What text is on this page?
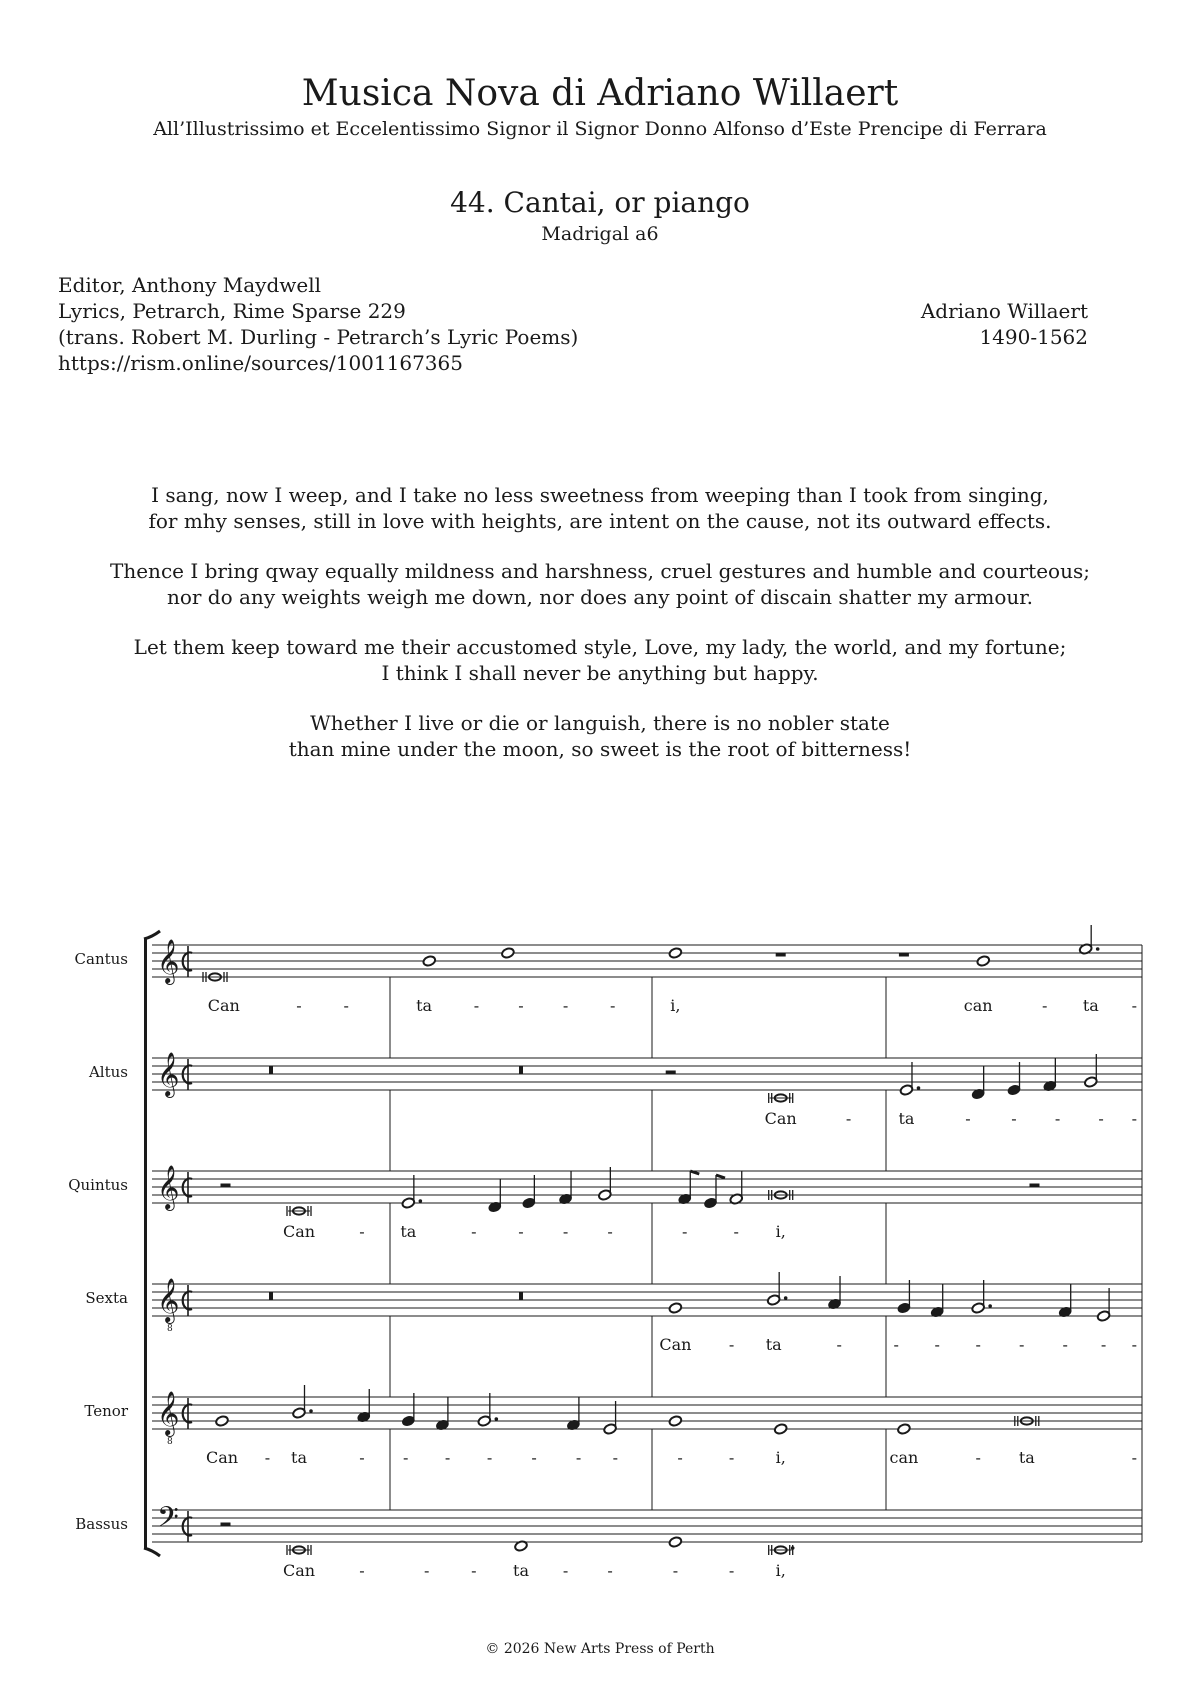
Musica Nova di Adriano Willaert
All’Illustrissimo et Eccelentissimo Signor il Signor Donno Alfonso d’Este Prencipe di Ferrara
44. Cantai, or piango
Madrigal a6
Editor, Anthony Maydwell
Lyrics, Petrarch, Rime Sparse 229
(trans. Robert M. Durling - Petrarch’s Lyric Poems)
https://rism.online/sources/1001167365
Adriano Willaert
1490-1562

I sang, now I weep, and I take no less sweetness from weeping than I took from singing,
for mhy senses, still in love with heights, are intent on the cause, not its outward effects.

Thence I bring qway equally mildness and harshness, cruel gestures and humble and courteous;
nor do any weights weigh me down, nor does any point of discain shatter my armour.

Let them keep toward me their accustomed style, Love, my lady, the world, and my fortune;
I think I shall never be anything but happy.

Whether I live or die or languish, there is no nobler state
than mine under the moon, so sweet is the root of bitterness!

Cantus 𝄞
Can	-	-	ta	- - -	-	i,	can	- ta -
Altus 𝄞
Can	-	ta	-	- - - -
Quintus 𝄞
Can	- ta	-	- - -	-	- i,
Sexta 𝄞
8
Can - ta	-	- - - - - - -
Tenor 𝄞
8
Can - ta	- - - - - - -	-	-	i,	can	- ta	-
Bassus 𝄢
Can	-	-	- ta - -	-	-	i,
© 2026 New Arts Press of Perth
